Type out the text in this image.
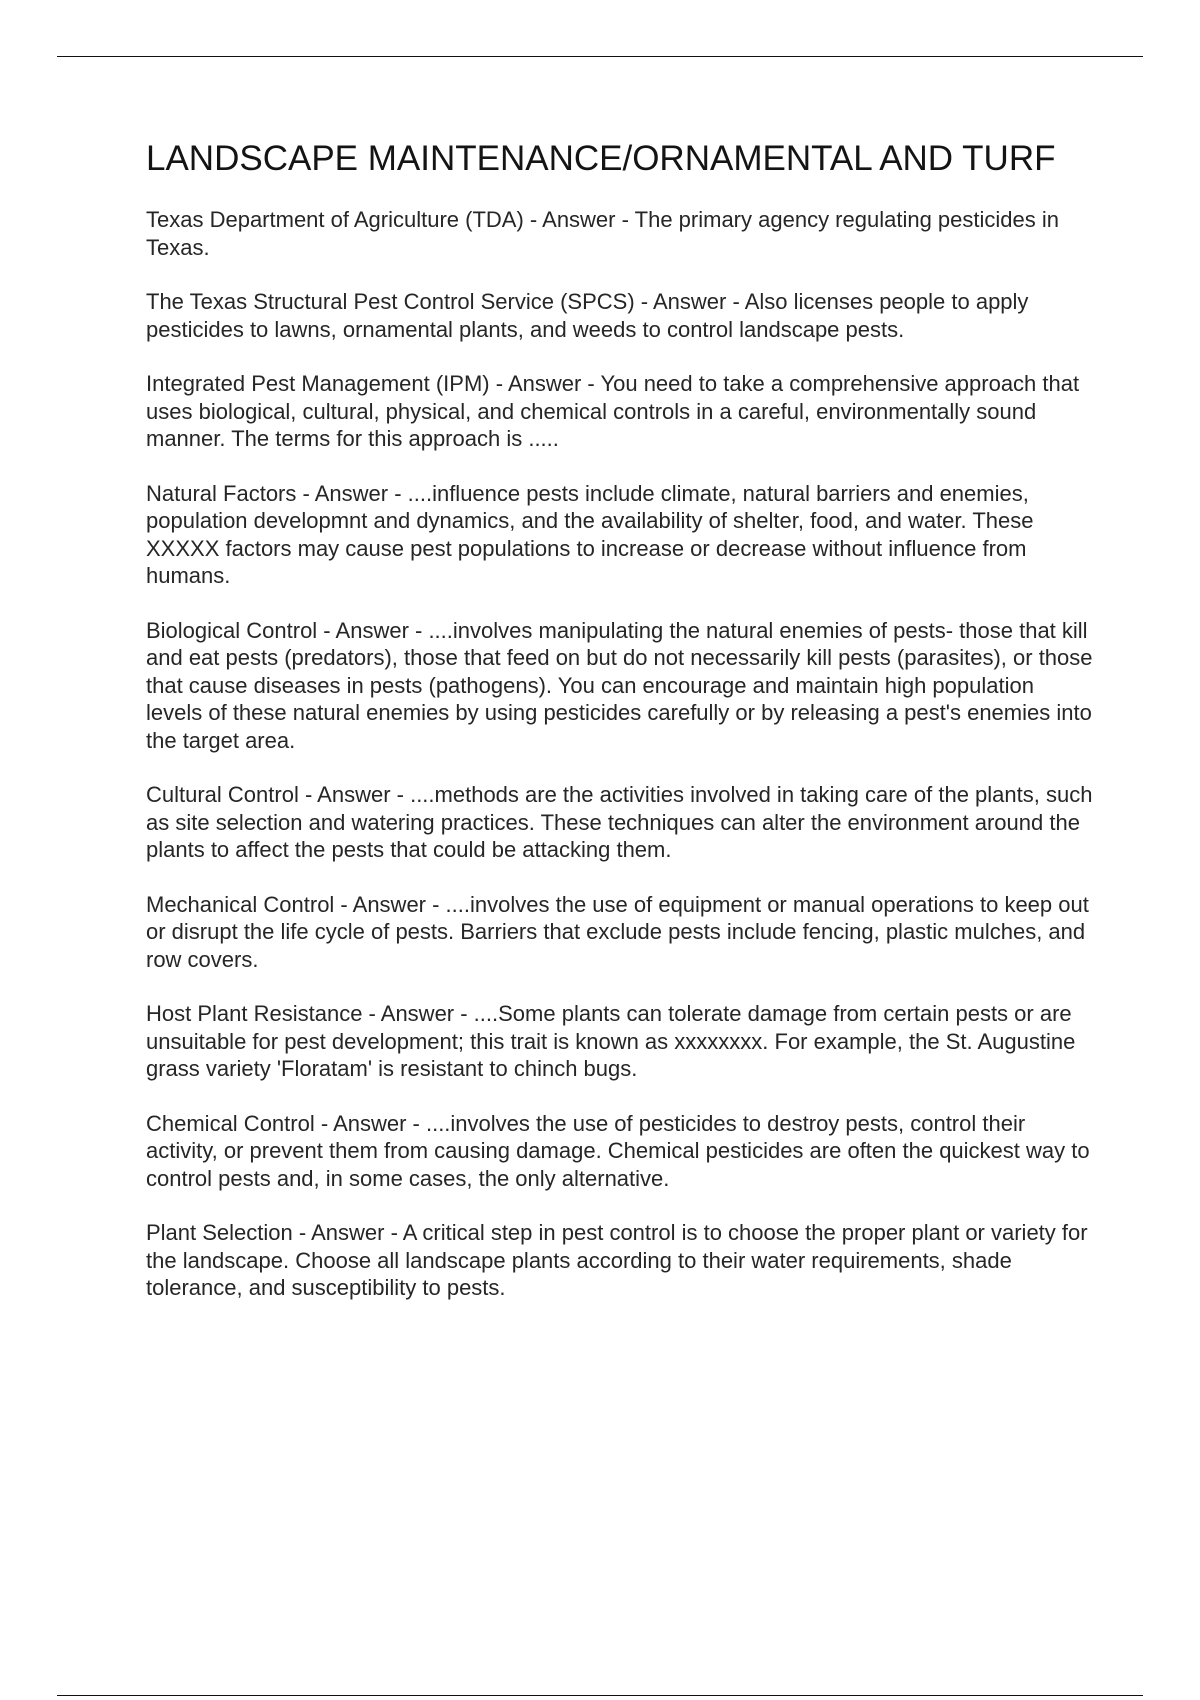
LANDSCAPE MAINTENANCE/ORNAMENTAL AND TURF

Texas Department of Agriculture (TDA) - Answer - The primary agency regulating pesticides in Texas.

The Texas Structural Pest Control Service (SPCS) - Answer - Also licenses people to apply pesticides to lawns, ornamental plants, and weeds to control landscape pests.

Integrated Pest Management (IPM) - Answer - You need to take a comprehensive approach that uses biological, cultural, physical, and chemical controls in a careful, environmentally sound manner. The terms for this approach is .....

Natural Factors - Answer - ....influence pests include climate, natural barriers and enemies, population developmnt and dynamics, and the availability of shelter, food, and water. These XXXXX factors may cause pest populations to increase or decrease without influence from humans.

Biological Control - Answer - ....involves manipulating the natural enemies of pests- those that kill and eat pests (predators), those that feed on but do not necessarily kill pests (parasites), or those that cause diseases in pests (pathogens). You can encourage and maintain high population levels of these natural enemies by using pesticides carefully or by releasing a pest's enemies into the target area.

Cultural Control - Answer - ....methods are the activities involved in taking care of the plants, such as site selection and watering practices. These techniques can alter the environment around the plants to affect the pests that could be attacking them.

Mechanical Control - Answer - ....involves the use of equipment or manual operations to keep out or disrupt the life cycle of pests. Barriers that exclude pests include fencing, plastic mulches, and row covers.

Host Plant Resistance - Answer - ....Some plants can tolerate damage from certain pests or are unsuitable for pest development; this trait is known as xxxxxxxx. For example, the St. Augustine grass variety 'Floratam' is resistant to chinch bugs.

Chemical Control - Answer - ....involves the use of pesticides to destroy pests, control their activity, or prevent them from causing damage. Chemical pesticides are often the quickest way to control pests and, in some cases, the only alternative.

Plant Selection - Answer - A critical step in pest control is to choose the proper plant or variety for the landscape. Choose all landscape plants according to their water requirements, shade tolerance, and susceptibility to pests.
